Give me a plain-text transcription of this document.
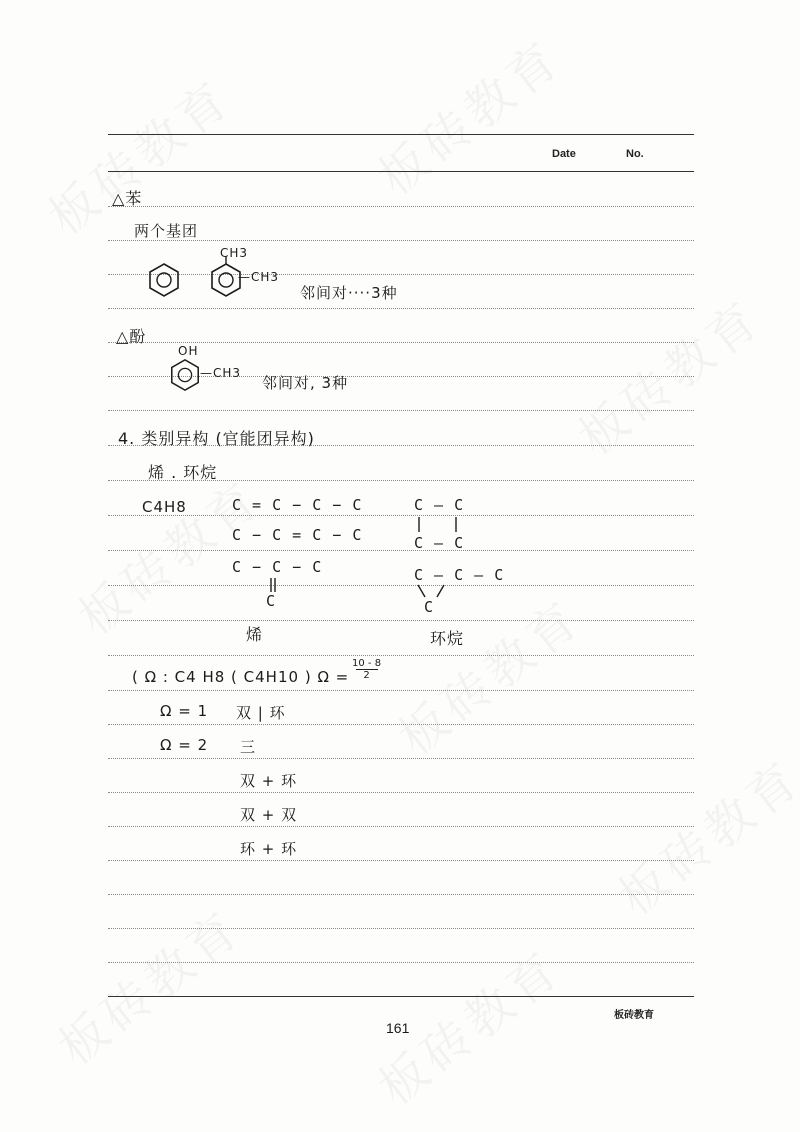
Date	No.
△苯
两个基团
CH3
—CH3
邻间对····3种
△酚
OH
—CH3
邻间对, 3种
4. 类别异构 (官能团异构)
烯 . 环烷
C4H8	C = C − C − C
C − C = C − C
C − C − C
C
烯
C — C
C — C
C — C — C
C
环烷
( Ω : C4 H8 ( C4H10 ) Ω =
10 - 8
2
Ω = 1 双 | 环
Ω = 2 三
双 + 环
双 + 双
环 + 环
板砖教育
161
